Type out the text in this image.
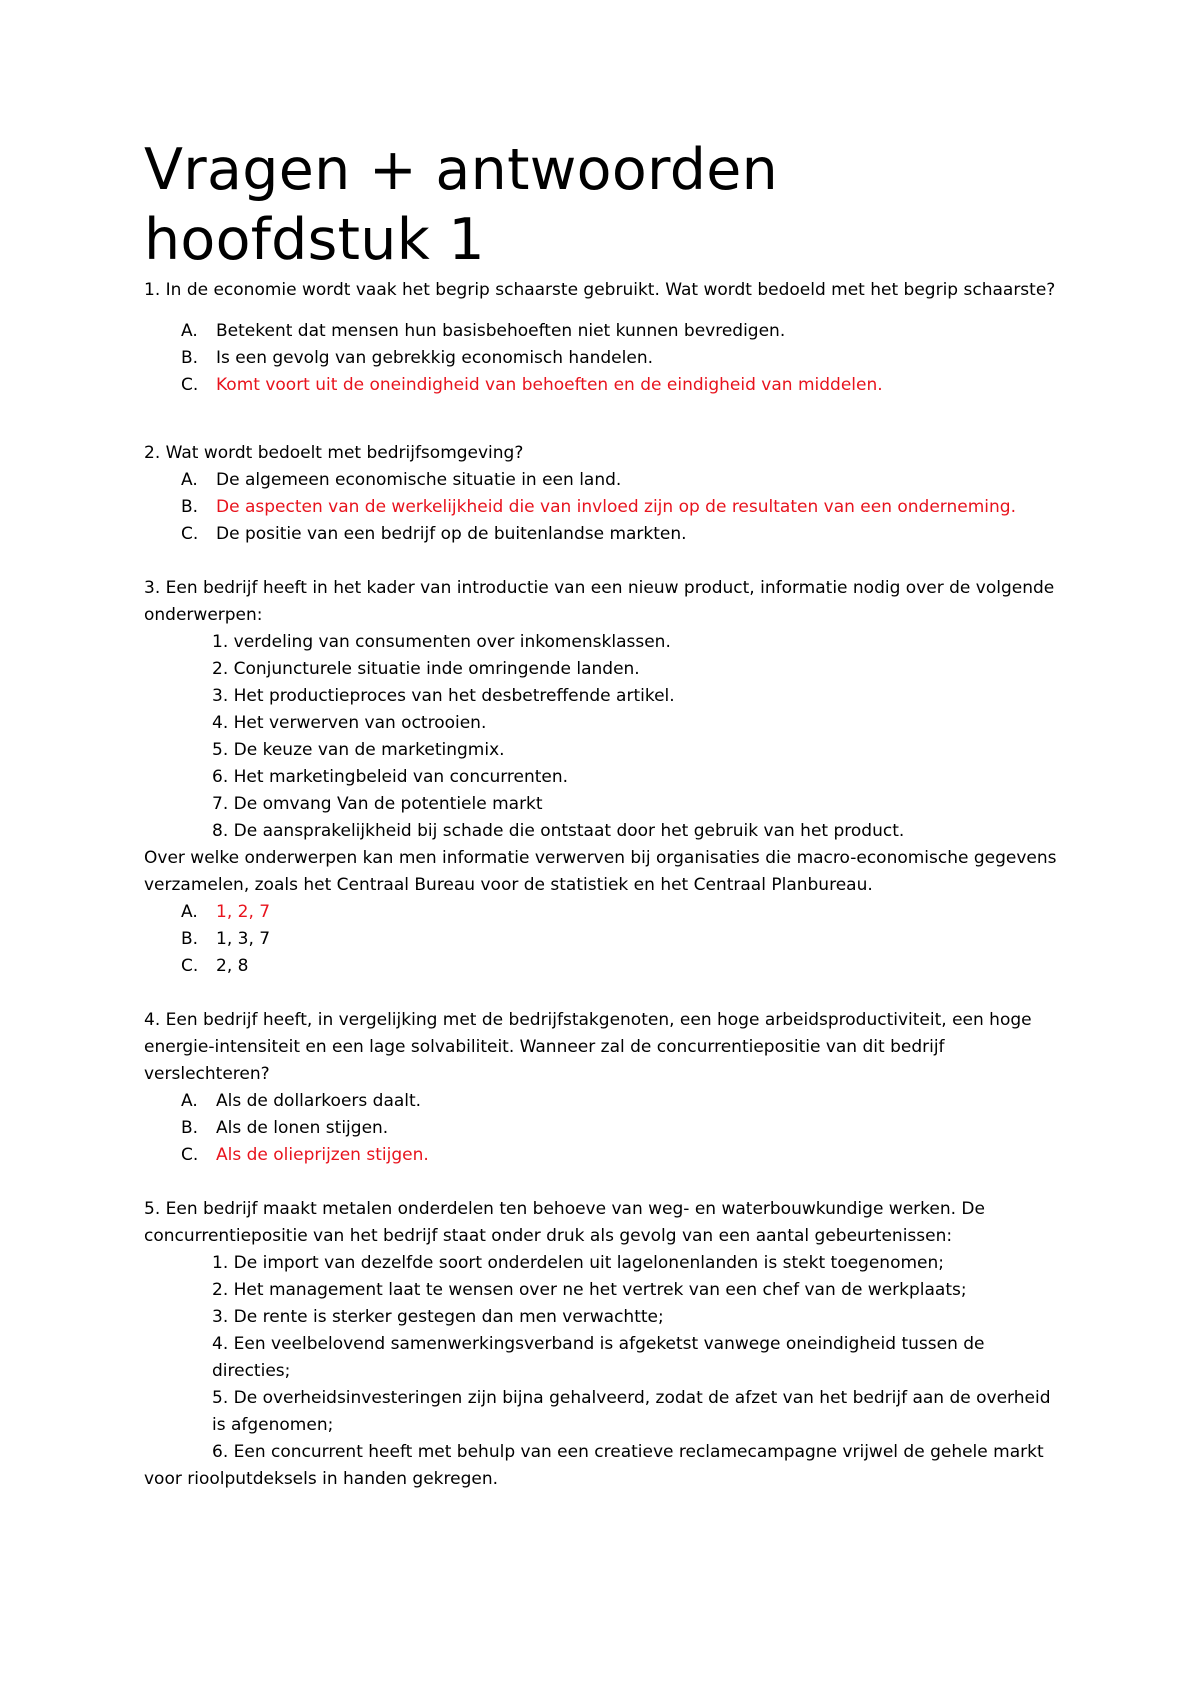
Vragen + antwoorden hoofdstuk 1

1. In de economie wordt vaak het begrip schaarste gebruikt. Wat wordt bedoeld met het begrip schaarste?

A. Betekent dat mensen hun basisbehoeften niet kunnen bevredigen.
B. Is een gevolg van gebrekkig economisch handelen.
C. Komt voort uit de oneindigheid van behoeften en de eindigheid van middelen.

2. Wat wordt bedoelt met bedrijfsomgeving?

A. De algemeen economische situatie in een land.
B. De aspecten van de werkelijkheid die van invloed zijn op de resultaten van een onderneming.
C. De positie van een bedrijf op de buitenlandse markten.

3. Een bedrijf heeft in het kader van introductie van een nieuw product, informatie nodig over de volgende onderwerpen:

1. verdeling van consumenten over inkomensklassen.
2. Conjuncturele situatie inde omringende landen.
3. Het productieproces van het desbetreffende artikel.
4. Het verwerven van octrooien.
5. De keuze van de marketingmix.
6. Het marketingbeleid van concurrenten.
7. De omvang Van de potentiele markt
8. De aansprakelijkheid bij schade die ontstaat door het gebruik van het product.

Over welke onderwerpen kan men informatie verwerven bij organisaties die macro-economische gegevens verzamelen, zoals het Centraal Bureau voor de statistiek en het Centraal Planbureau.

A. 1, 2, 7
B. 1, 3, 7
C. 2, 8

4. Een bedrijf heeft, in vergelijking met de bedrijfstakgenoten, een hoge arbeidsproductiviteit, een hoge energie-intensiteit en een lage solvabiliteit. Wanneer zal de concurrentiepositie van dit bedrijf verslechteren?

A. Als de dollarkoers daalt.
B. Als de lonen stijgen.
C. Als de olieprijzen stijgen.

5. Een bedrijf maakt metalen onderdelen ten behoeve van weg- en waterbouwkundige werken. De concurrentiepositie van het bedrijf staat onder druk als gevolg van een aantal gebeurtenissen:

1. De import van dezelfde soort onderdelen uit lagelonenlanden is stekt toegenomen;
2. Het management laat te wensen over ne het vertrek van een chef van de werkplaats;
3. De rente is sterker gestegen dan men verwachtte;
4. Een veelbelovend samenwerkingsverband is afgeketst vanwege oneindigheid tussen de directies;
5. De overheidsinvesteringen zijn bijna gehalveerd, zodat de afzet van het bedrijf aan de overheid is afgenomen;

6. Een concurrent heeft met behulp van een creatieve reclamecampagne vrijwel de gehele markt voor rioolputdeksels in handen gekregen.
